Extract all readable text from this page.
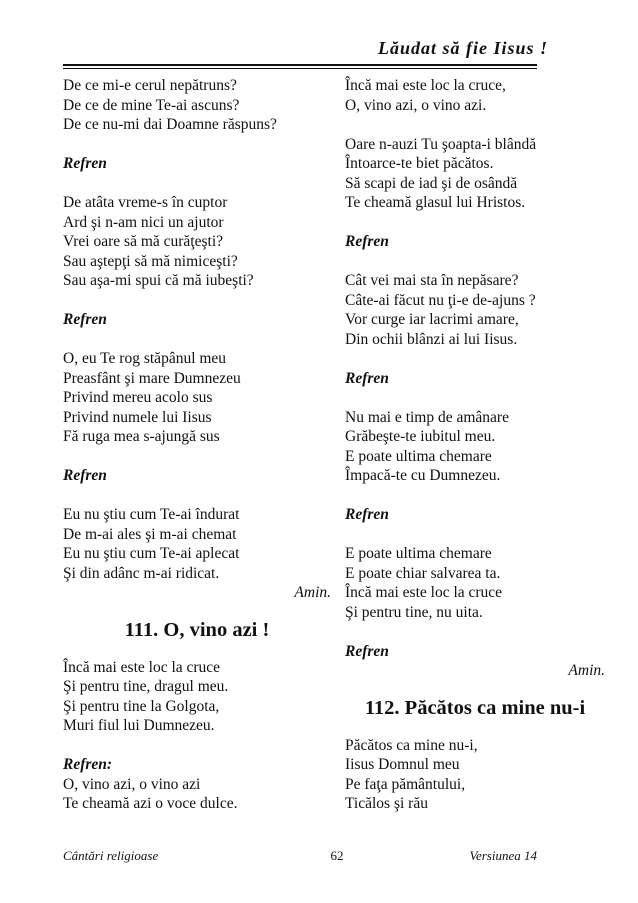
Lăudat să fie Iisus !
De ce mi-e cerul nepătruns?
De ce de mine Te-ai ascuns?
De ce nu-mi dai Doamne răspuns?
Refren
De atâta vreme-s în cuptor
Ard şi n-am nici un ajutor
Vrei oare să mă curăţeşti?
Sau aştepţi să mă nimiceşti?
Sau aşa-mi spui că mă iubeşti?
Refren
O, eu Te rog stăpânul meu
Preasfânt şi mare Dumnezeu
Privind mereu acolo sus
Privind numele lui Iisus
Fă ruga mea s-ajungă sus
Refren
Eu nu ştiu cum Te-ai îndurat
De m-ai ales şi m-ai chemat
Eu nu ştiu cum Te-ai aplecat
Şi din adânc m-ai ridicat.
Amin.
111. O, vino azi !
Încă mai este loc la cruce
Şi pentru tine, dragul meu.
Şi pentru tine la Golgota,
Muri fiul lui Dumnezeu.
Refren:
O, vino azi, o vino azi
Te cheamă azi o voce dulce.
Încă mai este loc la cruce,
O, vino azi, o vino azi.
Oare n-auzi Tu şoapta-i blândă
Întoarce-te biet păcătos.
Să scapi de iad şi de osândă
Te cheamă glasul lui Hristos.
Refren
Cât vei mai sta în nepăsare?
Câte-ai făcut nu ţi-e de-ajuns ?
Vor curge iar lacrimi amare,
Din ochii blânzi ai lui Iisus.
Refren
Nu mai e timp de amânare
Grăbeşte-te iubitul meu.
E poate ultima chemare
Împacă-te cu Dumnezeu.
Refren
E poate ultima chemare
E poate chiar salvarea ta.
Încă mai este loc la cruce
Şi pentru tine, nu uita.
Refren
Amin.
112. Păcătos ca mine nu-i
Păcătos ca mine nu-i,
Iisus Domnul meu
Pe faţa pământului,
Ticălos şi rău
Cântări religioase	62	Versiunea 14
